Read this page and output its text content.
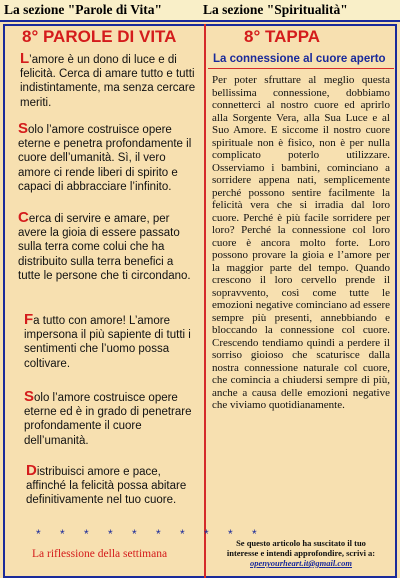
La sezione "Parole di Vita"	La sezione "Spiritualità"
8° PAROLE DI VITA
L’amore è un dono di luce e di felicità. Cerca di amare tutto e tutti indistintamente, ma senza cercare meriti.
Solo l’amore costruisce opere eterne e penetra profondamente il cuore dell’umanità. Sì, il vero amore ci rende liberi di spirito e capaci di abbracciare l’infinito.
Cerca di servire e amare, per avere la gioia di essere passato sulla terra come colui che ha distribuito sulla terra benefici a tutte le persone che ti circondano.
Fa tutto con amore! L’amore impersona il più sapiente di tutti i sentimenti che l’uomo possa coltivare.
Solo l’amore costruisce opere eterne ed è in grado di penetrare profondamente il cuore dell’umanità.
Distribuisci amore e pace, affinché la felicità possa abitare definitivamente nel tuo cuore.
* * * * * * * * * *
La riflessione della settimana
8° TAPPA
La connessione al cuore aperto
Per poter sfruttare al meglio questa bellissima connessione, dobbiamo connetterci al nostro cuore ed aprirlo alla Sorgente Vera, alla Sua Luce e al Suo Amore. E siccome il nostro cuore spirituale non è fisico, non è per nulla complicato poterlo utilizzare. Osserviamo i bambini, cominciano a sorridere appena nati, semplicemente perché possono sentire facilmente la felicità vera che si irradia dal loro cuore. Perché è più facile sorridere per loro? Perché la connessione col loro cuore è ancora molto forte. Loro possono provare la gioia e l’amore per la maggior parte del tempo. Quando crescono il loro cervello prende il sopravvento, così come tutte le emozioni negative cominciano ad essere sempre più presenti, annebbiando e bloccando la connessione col cuore. Crescendo tendiamo quindi a perdere il sorriso gioioso che scaturisce dalla nostra connessione naturale col cuore, che comincia a chiudersi sempre di più, anche a causa delle emozioni negative che viviamo quotidianamente.
Se questo articolo ha suscitato il tuo
interesse e intendi approfondire, scrivi a:
openyourheart.it@gmail.com
